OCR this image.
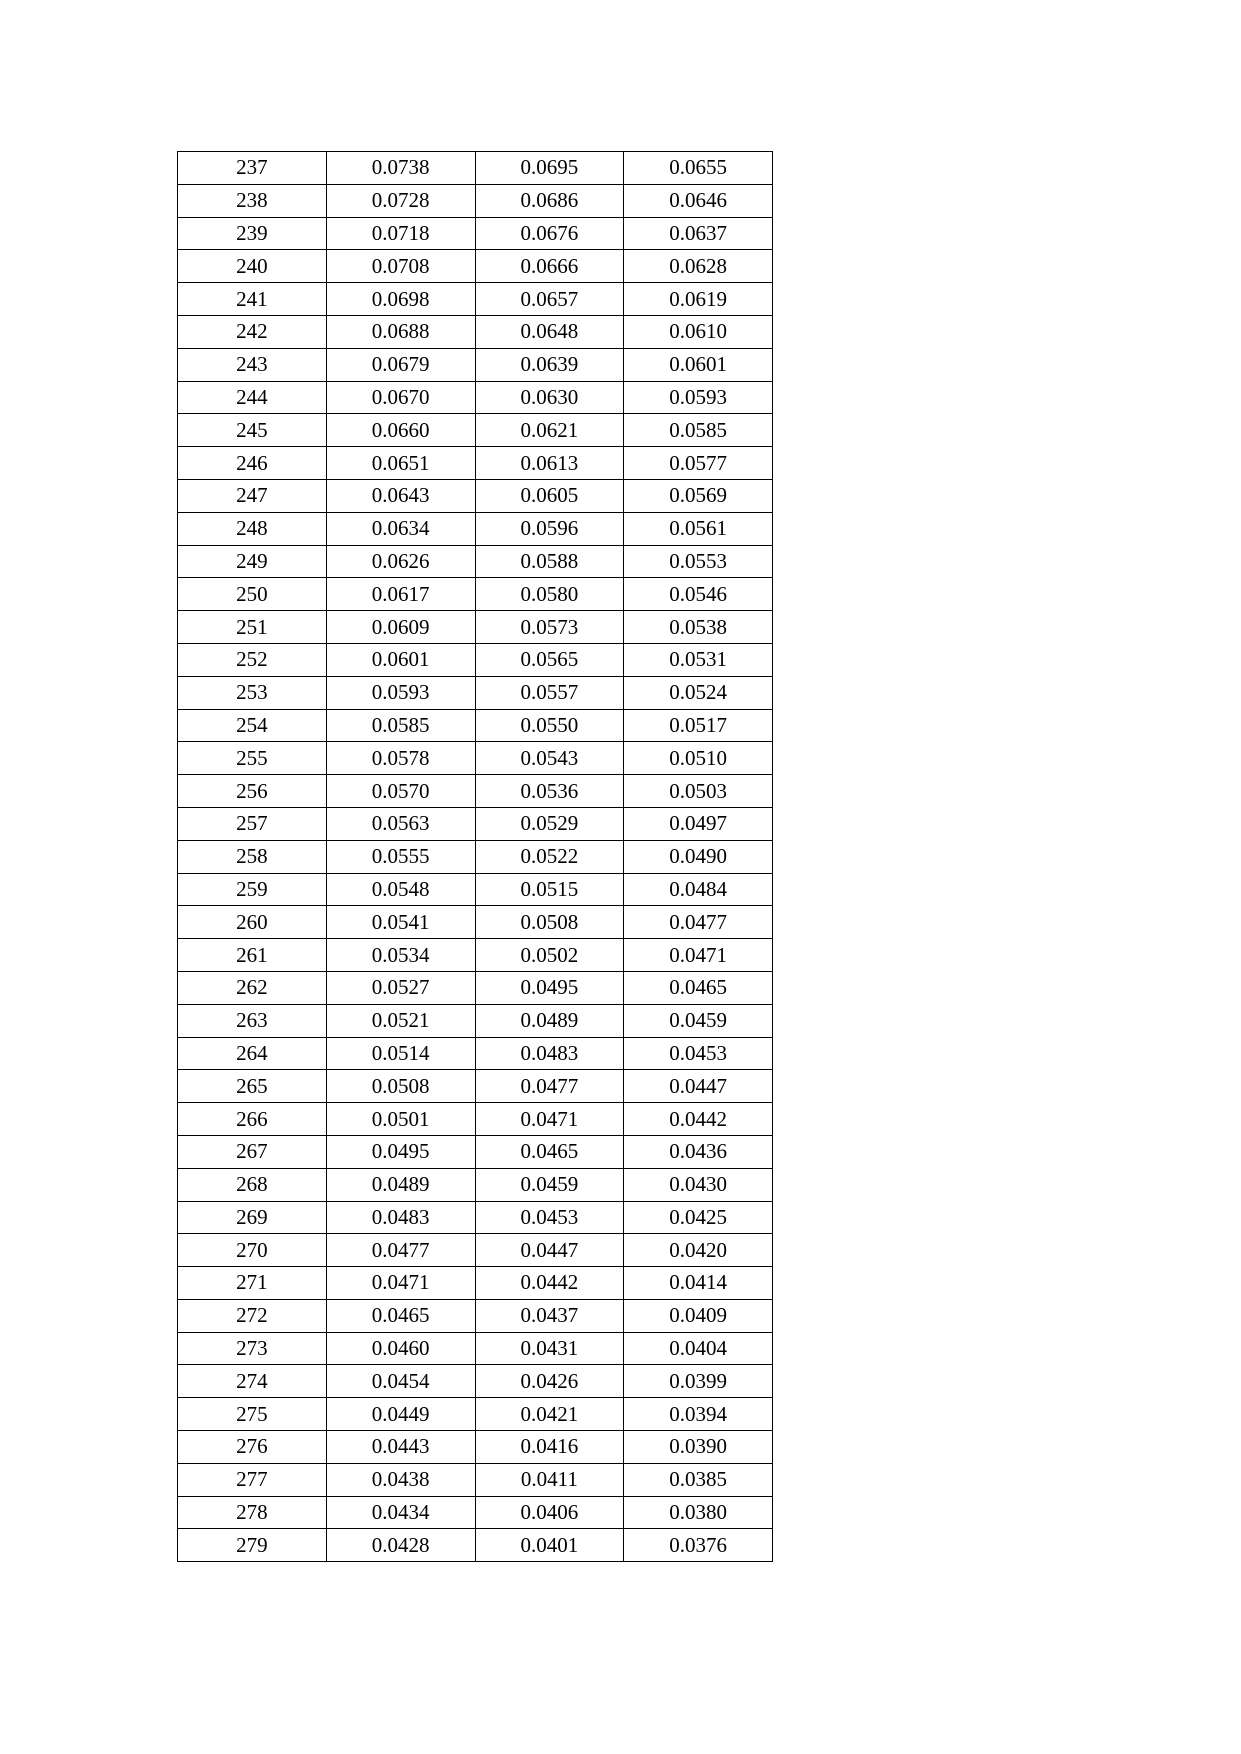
237	0.0738	0.0695	0.0655
238	0.0728	0.0686	0.0646
239	0.0718	0.0676	0.0637
240	0.0708	0.0666	0.0628
241	0.0698	0.0657	0.0619
242	0.0688	0.0648	0.0610
243	0.0679	0.0639	0.0601
244	0.0670	0.0630	0.0593
245	0.0660	0.0621	0.0585
246	0.0651	0.0613	0.0577
247	0.0643	0.0605	0.0569
248	0.0634	0.0596	0.0561
249	0.0626	0.0588	0.0553
250	0.0617	0.0580	0.0546
251	0.0609	0.0573	0.0538
252	0.0601	0.0565	0.0531
253	0.0593	0.0557	0.0524
254	0.0585	0.0550	0.0517
255	0.0578	0.0543	0.0510
256	0.0570	0.0536	0.0503
257	0.0563	0.0529	0.0497
258	0.0555	0.0522	0.0490
259	0.0548	0.0515	0.0484
260	0.0541	0.0508	0.0477
261	0.0534	0.0502	0.0471
262	0.0527	0.0495	0.0465
263	0.0521	0.0489	0.0459
264	0.0514	0.0483	0.0453
265	0.0508	0.0477	0.0447
266	0.0501	0.0471	0.0442
267	0.0495	0.0465	0.0436
268	0.0489	0.0459	0.0430
269	0.0483	0.0453	0.0425
270	0.0477	0.0447	0.0420
271	0.0471	0.0442	0.0414
272	0.0465	0.0437	0.0409
273	0.0460	0.0431	0.0404
274	0.0454	0.0426	0.0399
275	0.0449	0.0421	0.0394
276	0.0443	0.0416	0.0390
277	0.0438	0.0411	0.0385
278	0.0434	0.0406	0.0380
279	0.0428	0.0401	0.0376
